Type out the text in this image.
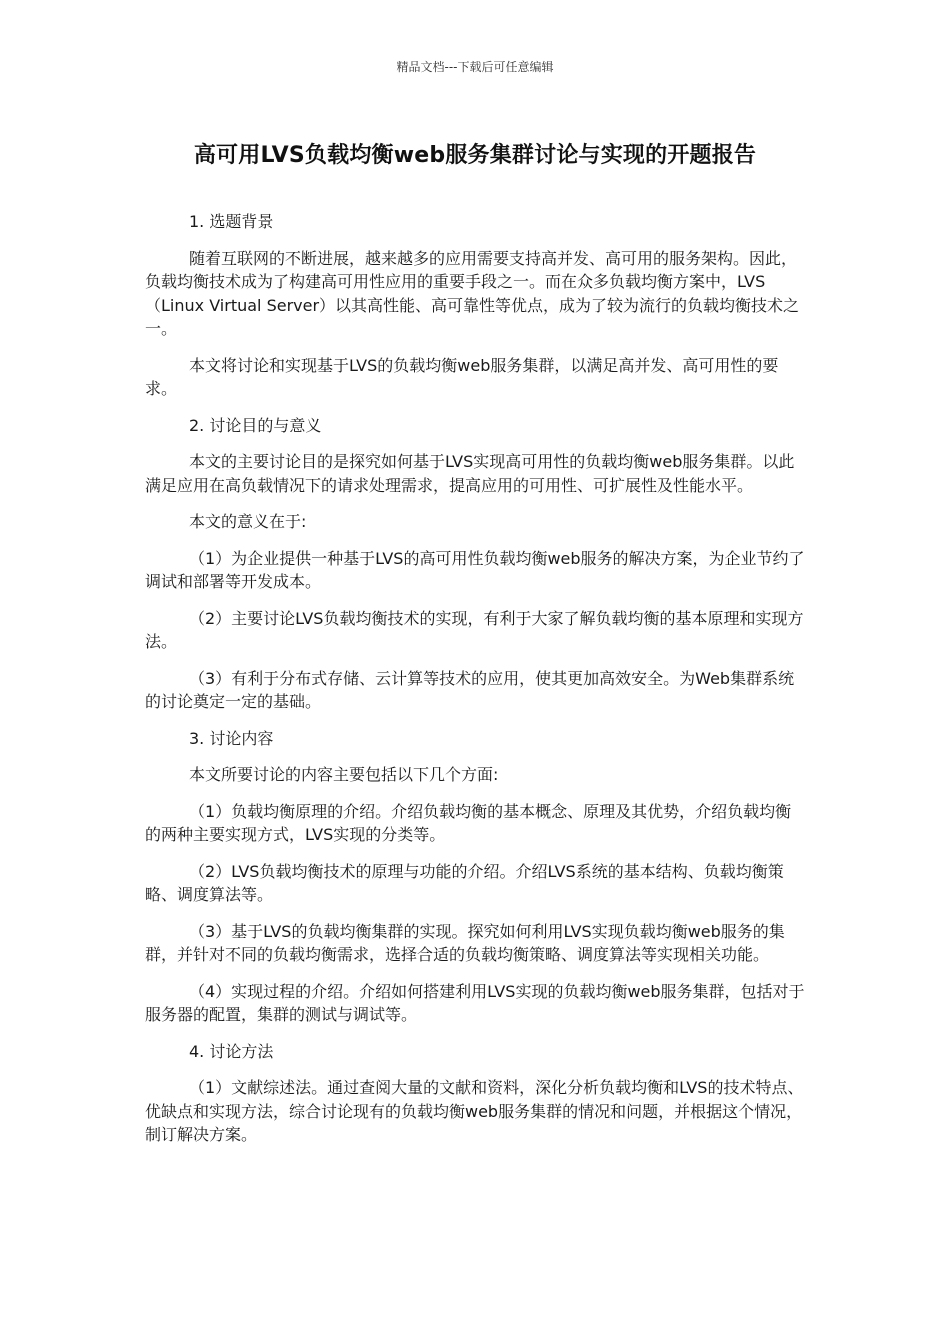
精品文档---下载后可任意编辑
高可用LVS负载均衡web服务集群讨论与实现的开题报告

1. 选题背景

随着互联网的不断进展，越来越多的应用需要支持高并发、高可用的服务架构。因此，负载均衡技术成为了构建高可用性应用的重要手段之一。而在众多负载均衡方案中，LVS（Linux Virtual Server）以其高性能、高可靠性等优点，成为了较为流行的负载均衡技术之一。

本文将讨论和实现基于LVS的负载均衡web服务集群，以满足高并发、高可用性的要求。

2. 讨论目的与意义

本文的主要讨论目的是探究如何基于LVS实现高可用性的负载均衡web服务集群。以此满足应用在高负载情况下的请求处理需求，提高应用的可用性、可扩展性及性能水平。

本文的意义在于:

（1）为企业提供一种基于LVS的高可用性负载均衡web服务的解决方案，为企业节约了调试和部署等开发成本。

（2）主要讨论LVS负载均衡技术的实现，有利于大家了解负载均衡的基本原理和实现方法。

（3）有利于分布式存储、云计算等技术的应用，使其更加高效安全。为Web集群系统的讨论奠定一定的基础。

3. 讨论内容

本文所要讨论的内容主要包括以下几个方面:

（1）负载均衡原理的介绍。介绍负载均衡的基本概念、原理及其优势，介绍负载均衡的两种主要实现方式，LVS实现的分类等。

（2）LVS负载均衡技术的原理与功能的介绍。介绍LVS系统的基本结构、负载均衡策略、调度算法等。

（3）基于LVS的负载均衡集群的实现。探究如何利用LVS实现负载均衡web服务的集群，并针对不同的负载均衡需求，选择合适的负载均衡策略、调度算法等实现相关功能。

（4）实现过程的介绍。介绍如何搭建利用LVS实现的负载均衡web服务集群，包括对于服务器的配置，集群的测试与调试等。

4. 讨论方法

（1）文献综述法。通过查阅大量的文献和资料，深化分析负载均衡和LVS的技术特点、优缺点和实现方法，综合讨论现有的负载均衡web服务集群的情况和问题，并根据这个情况，制订解决方案。
